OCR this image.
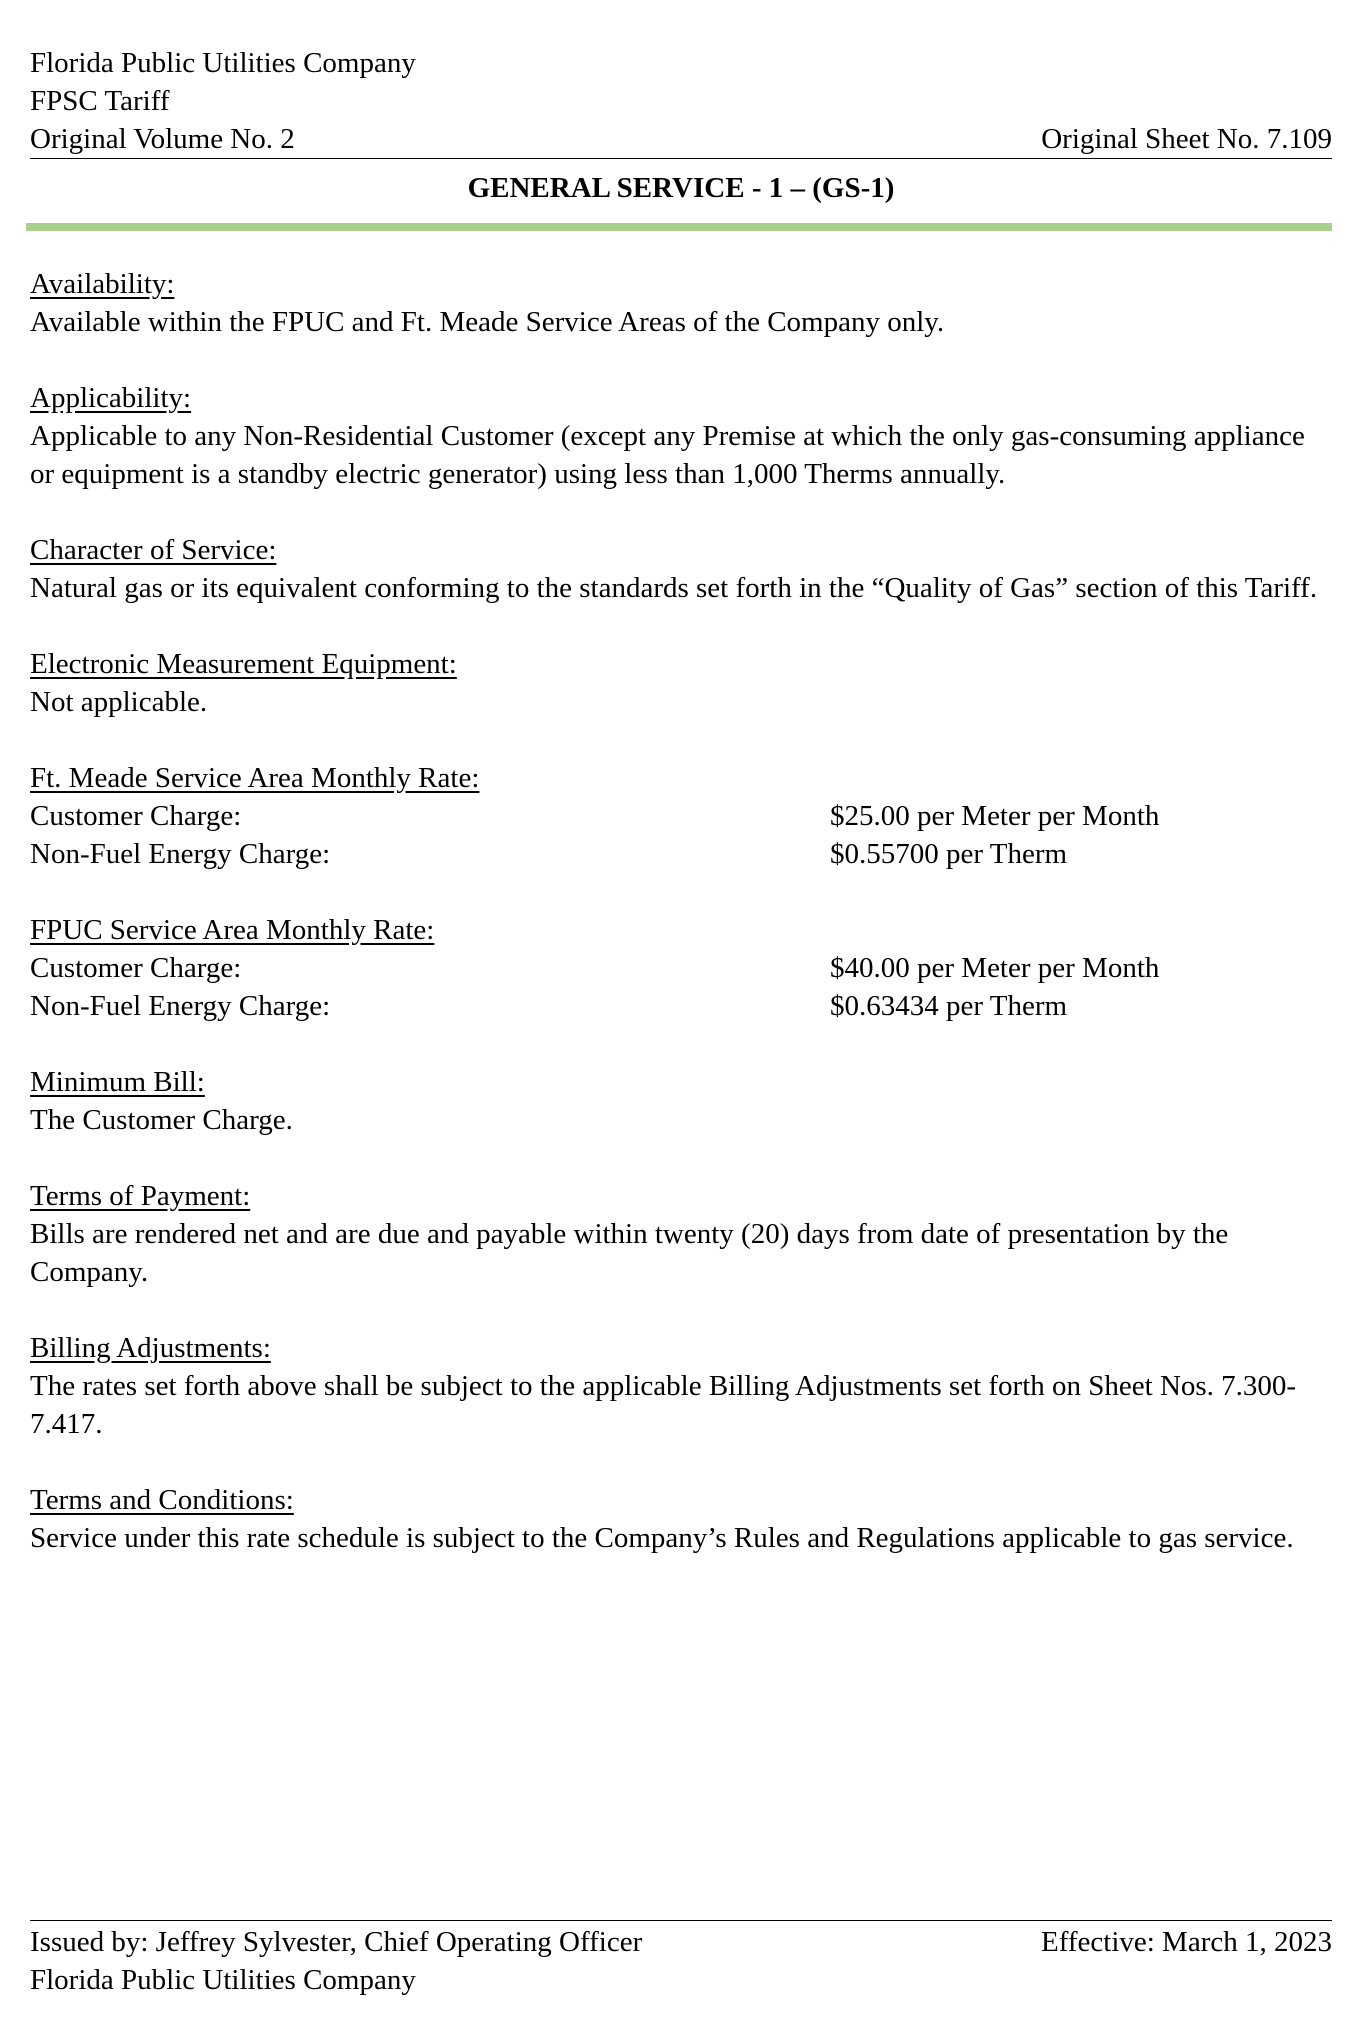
Florida Public Utilities Company
FPSC Tariff
Original Volume No. 2	Original Sheet No. 7.109
GENERAL SERVICE - 1 – (GS-1)
Availability:
Available within the FPUC and Ft. Meade Service Areas of the Company only.
Applicability:
Applicable to any Non-Residential Customer (except any Premise at which the only gas-consuming appliance or equipment is a standby electric generator) using less than 1,000 Therms annually.
Character of Service:
Natural gas or its equivalent conforming to the standards set forth in the “Quality of Gas” section of this Tariff.
Electronic Measurement Equipment:
Not applicable.
Ft. Meade Service Area Monthly Rate:
Customer Charge:	$25.00 per Meter per Month
Non-Fuel Energy Charge:	$0.55700 per Therm
FPUC Service Area Monthly Rate:
Customer Charge:	$40.00 per Meter per Month
Non-Fuel Energy Charge:	$0.63434 per Therm
Minimum Bill:
The Customer Charge.
Terms of Payment:
Bills are rendered net and are due and payable within twenty (20) days from date of presentation by the Company.
Billing Adjustments:
The rates set forth above shall be subject to the applicable Billing Adjustments set forth on Sheet Nos. 7.300-7.417.
Terms and Conditions:
Service under this rate schedule is subject to the Company’s Rules and Regulations applicable to gas service.
Issued by: Jeffrey Sylvester, Chief Operating Officer	Effective: March 1, 2023
Florida Public Utilities Company
